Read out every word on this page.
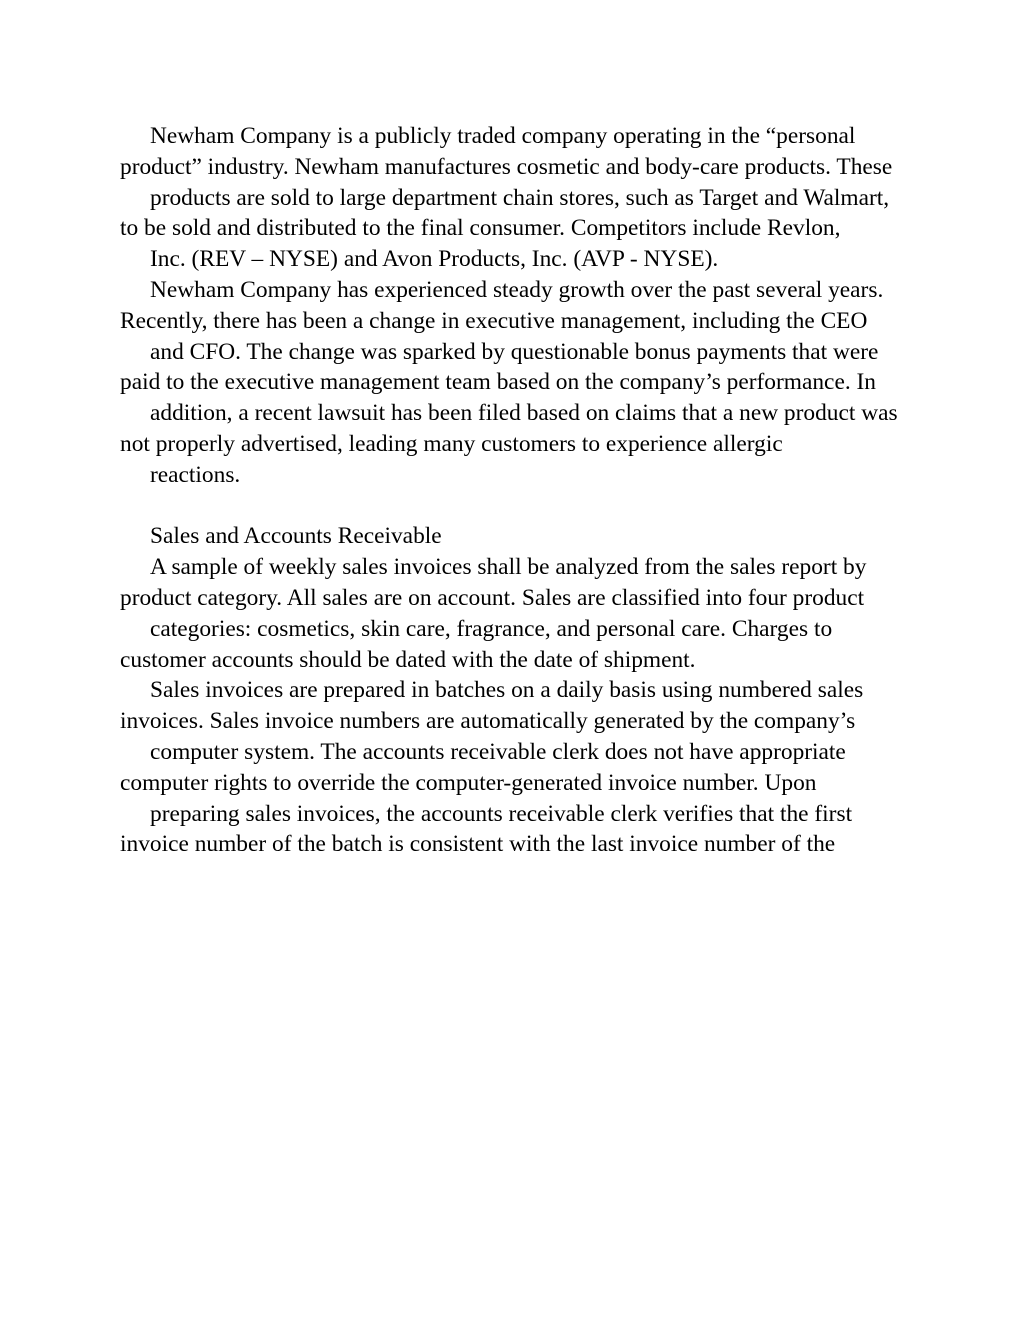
Newham Company is a publicly traded company operating in the “personal product” industry. Newham manufactures cosmetic and body-care products. These

products are sold to large department chain stores, such as Target and Walmart, to be sold and distributed to the final consumer. Competitors include Revlon,

Inc. (REV – NYSE) and Avon Products, Inc. (AVP - NYSE).

Newham Company has experienced steady growth over the past several years. Recently, there has been a change in executive management, including the CEO

and CFO. The change was sparked by questionable bonus payments that were paid to the executive management team based on the company’s performance. In

addition, a recent lawsuit has been filed based on claims that a new product was not properly advertised, leading many customers to experience allergic

reactions.

Sales and Accounts Receivable

A sample of weekly sales invoices shall be analyzed from the sales report by product category. All sales are on account. Sales are classified into four product

categories: cosmetics, skin care, fragrance, and personal care. Charges to customer accounts should be dated with the date of shipment.

Sales invoices are prepared in batches on a daily basis using numbered sales invoices. Sales invoice numbers are automatically generated by the company’s

computer system. The accounts receivable clerk does not have appropriate computer rights to override the computer-generated invoice number. Upon

preparing sales invoices, the accounts receivable clerk verifies that the first invoice number of the batch is consistent with the last invoice number of the
